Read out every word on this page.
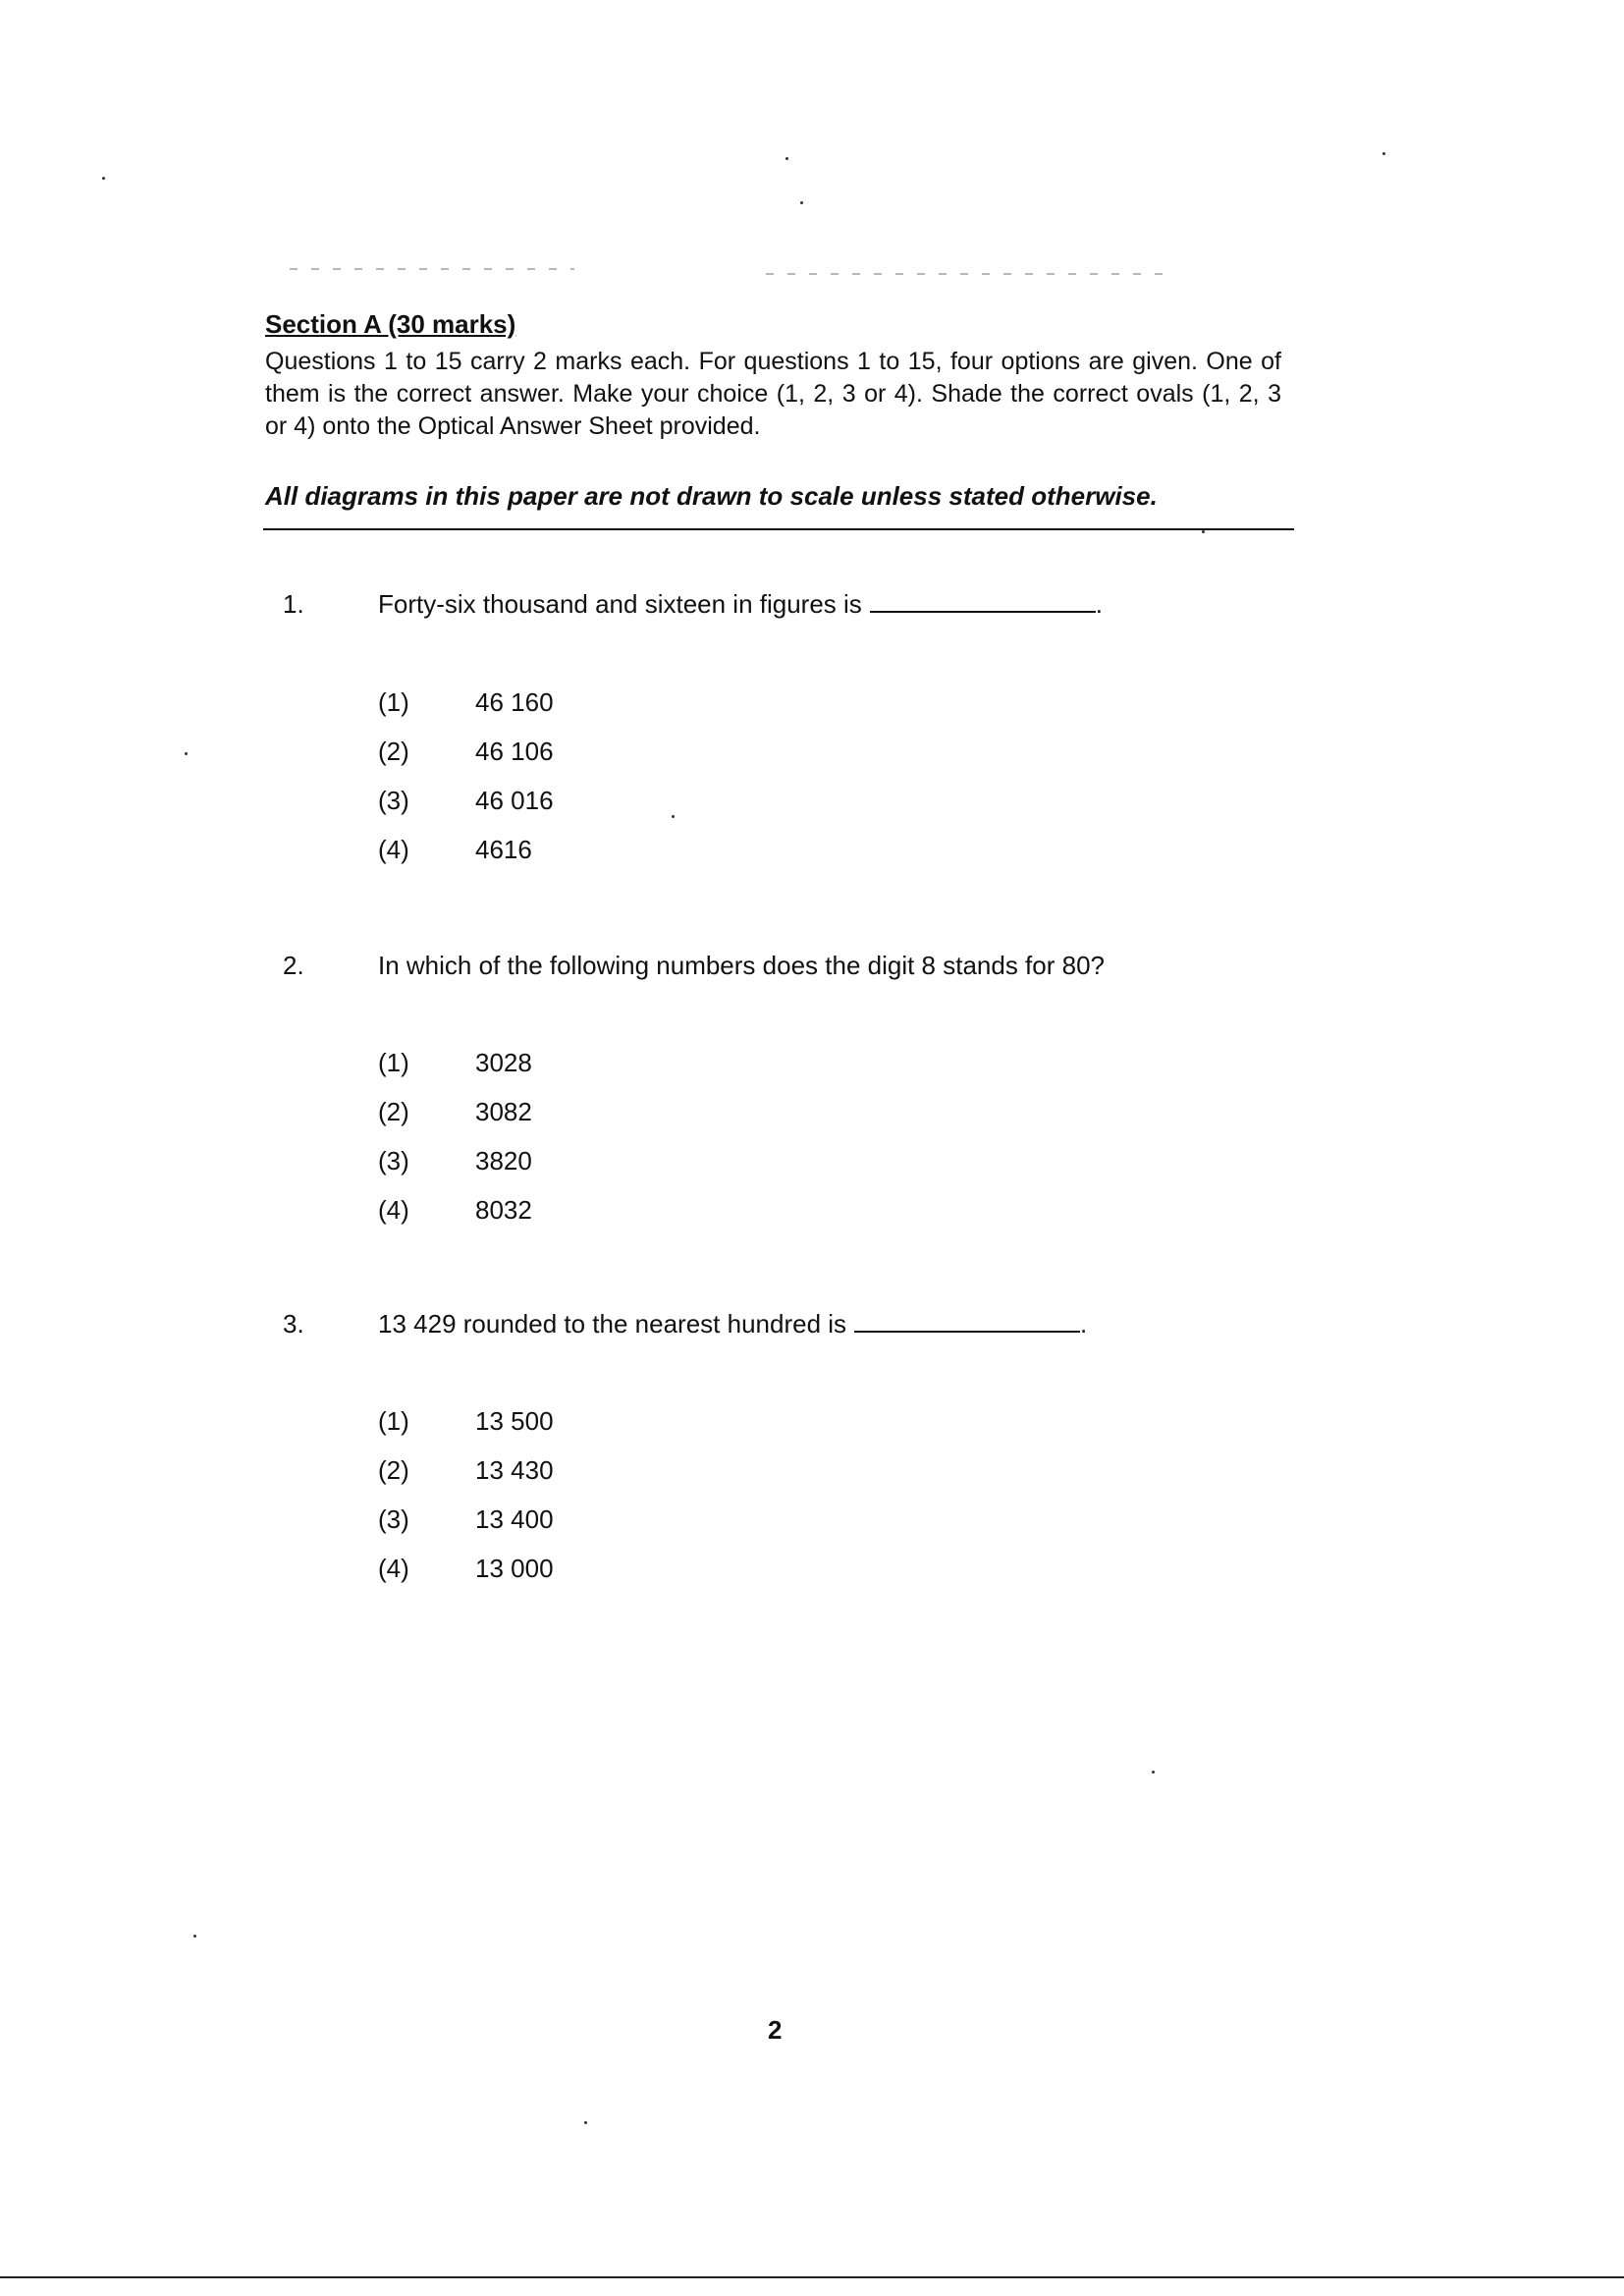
Section A (30 marks)
Questions 1 to 15 carry 2 marks each. For questions 1 to 15, four options are given. One of them is the correct answer. Make your choice (1, 2, 3 or 4). Shade the correct ovals (1, 2, 3 or 4) onto the Optical Answer Sheet provided.
All diagrams in this paper are not drawn to scale unless stated otherwise.
1.	Forty-six thousand and sixteen in figures is	.
(1)	46 160
(2)	46 106
(3)	46 016
(4)	4616
2.	In which of the following numbers does the digit 8 stands for 80?
(1)	3028
(2)	3082
(3)	3820
(4)	8032
3.	13 429 rounded to the nearest hundred is	.
(1)	13 500
(2)	13 430
(3)	13 400
(4)	13 000
2
